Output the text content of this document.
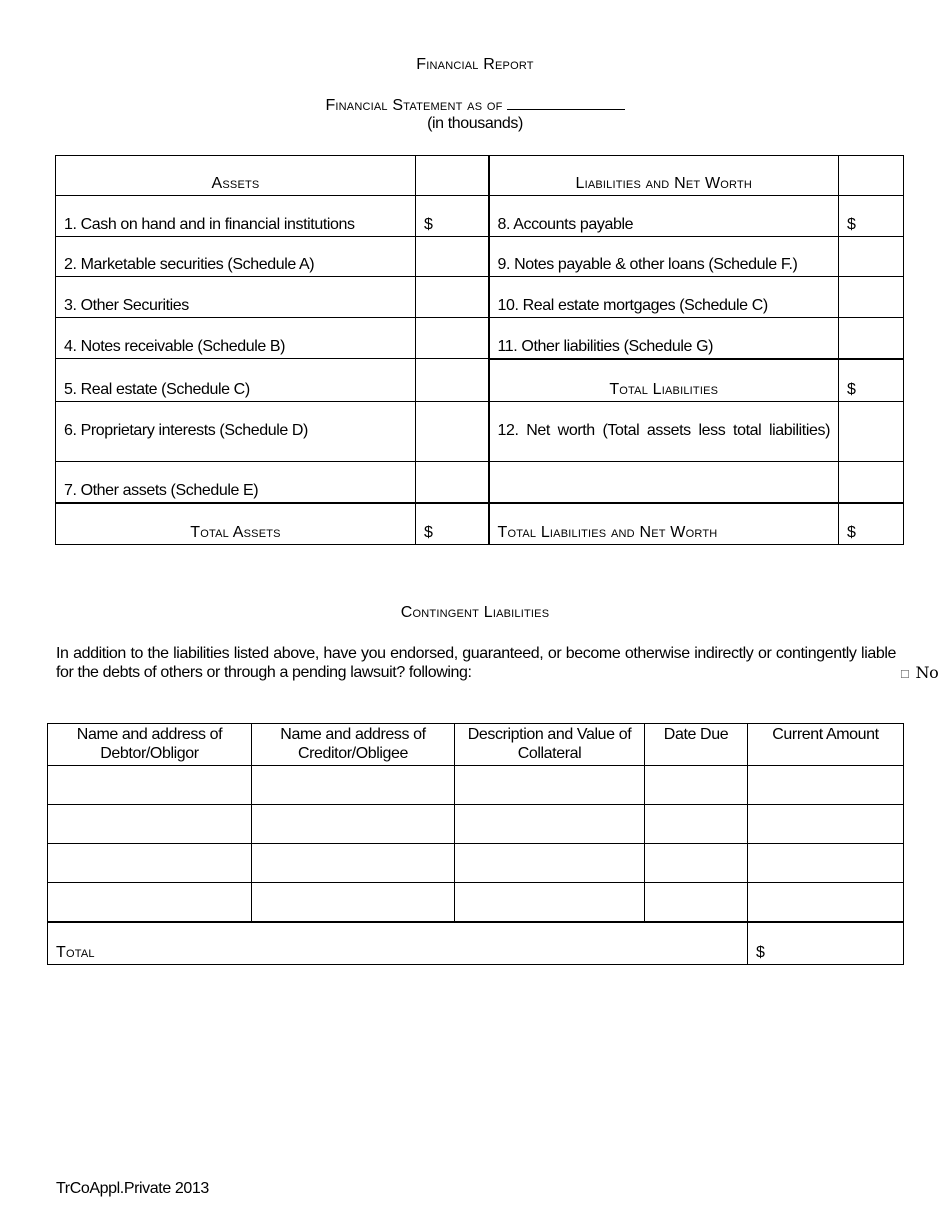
Financial Report
Financial Statement as of
(in thousands)
Assets		Liabilities and Net Worth	
1. Cash on hand and in financial institutions	$	8. Accounts payable	$
2. Marketable securities (Schedule A)		9. Notes payable & other loans (Schedule F.)	
3. Other Securities		10. Real estate mortgages (Schedule C)	
4. Notes receivable (Schedule B)		11. Other liabilities (Schedule G)	
5. Real estate (Schedule C)		Total Liabilities	$
6. Proprietary interests (Schedule D)		12. Net worth (Total assets less total liabilities)	
7. Other assets (Schedule E)			
Total Assets	$	Total Liabilities and Net Worth	$
Contingent Liabilities
In addition to the liabilities listed above, have you endorsed, guaranteed, or become otherwise indirectly or contingently liable for the debts of others or through a pending lawsuit? following:	☐ No
Name and address of Debtor/Obligor	Name and address of Creditor/Obligee	Description and Value of Collateral	Date Due	Current Amount

Total				$
TrCoAppl.Private 2013
